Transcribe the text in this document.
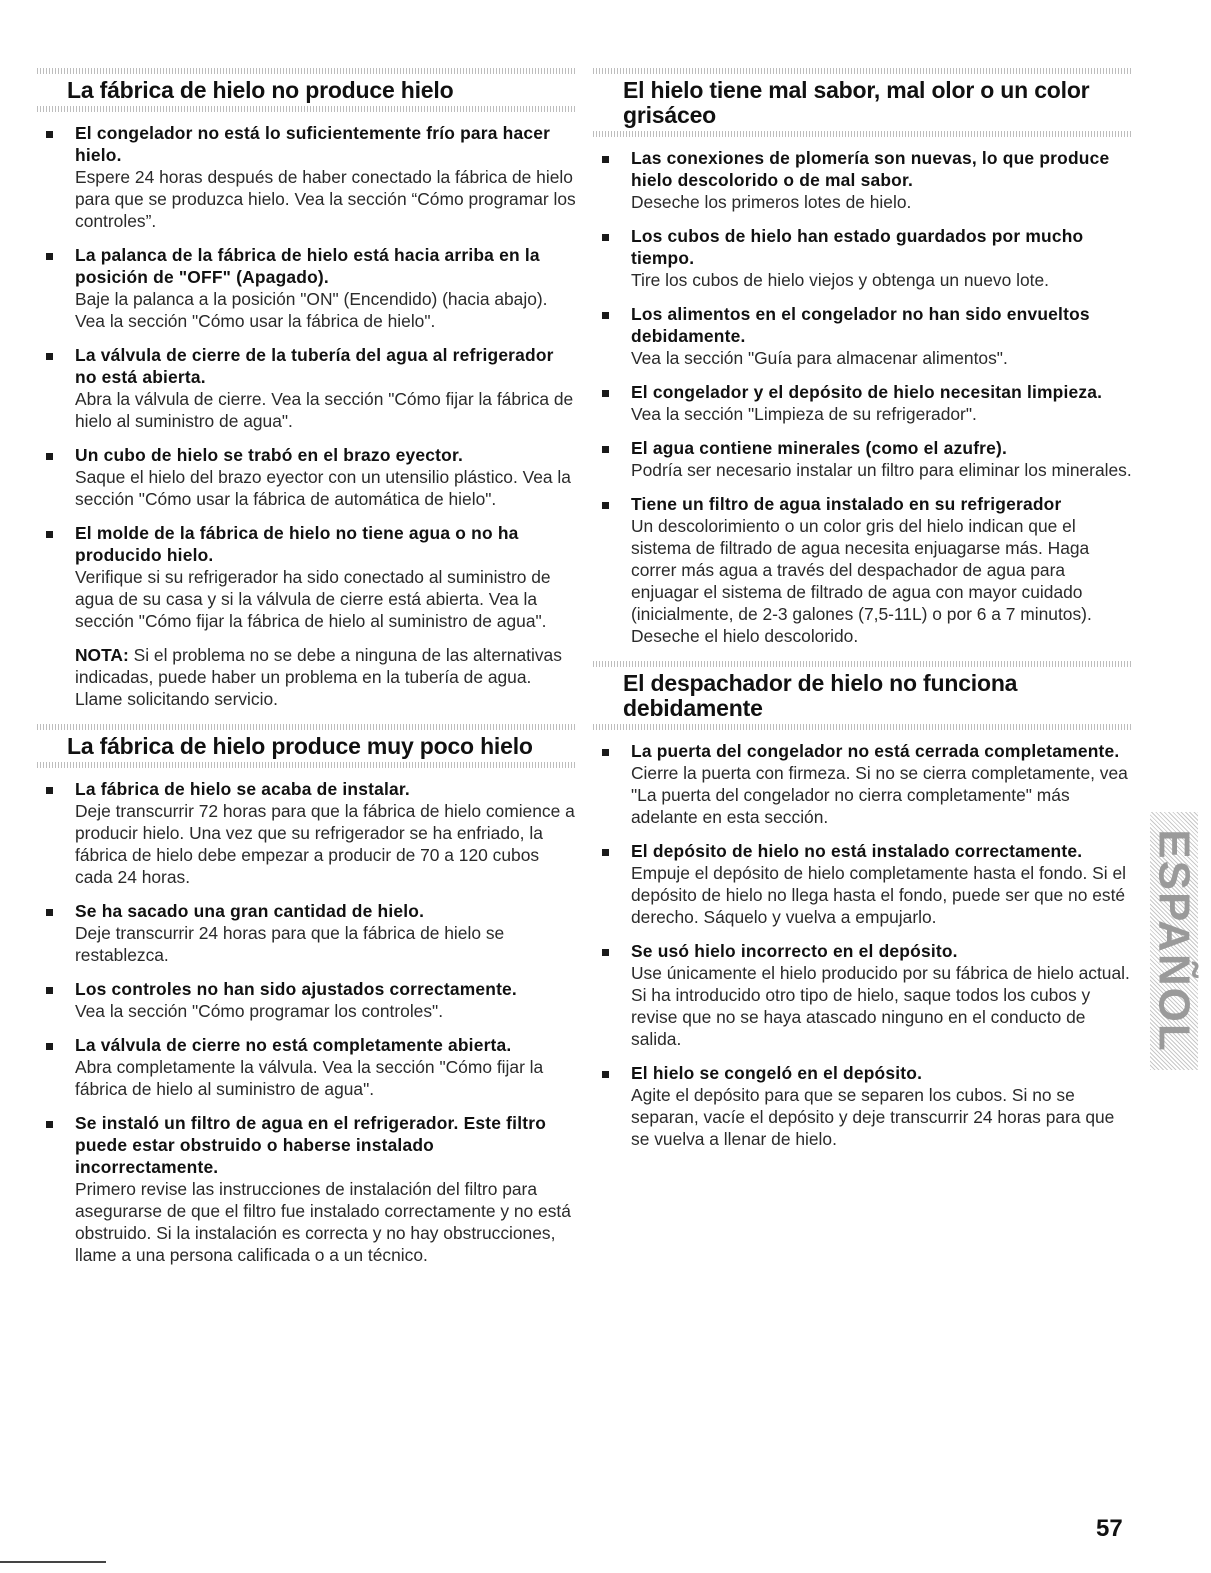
La fábrica de hielo no produce hielo
El congelador no está lo suficientemente frío para hacer hielo.
Espere 24 horas después de haber conectado la fábrica de hielo para que se produzca hielo. Vea la sección “Cómo programar los controles”.
La palanca de la fábrica de hielo está hacia arriba en la posición de "OFF" (Apagado).
Baje la palanca a la posición "ON" (Encendido) (hacia abajo). Vea la sección "Cómo usar la fábrica de hielo".
La válvula de cierre de la tubería del agua al refrigerador no está abierta.
Abra la válvula de cierre. Vea la sección "Cómo fijar la fábrica de hielo al suministro de agua".
Un cubo de hielo se trabó en el brazo eyector.
Saque el hielo del brazo eyector con un utensilio plástico. Vea la sección "Cómo usar la fábrica de automática de hielo".
El molde de la fábrica de hielo no tiene agua o no ha producido hielo.
Verifique si su refrigerador ha sido conectado al suministro de agua de su casa y si la válvula de cierre está abierta. Vea la sección "Cómo fijar la fábrica de hielo al suministro de agua".
NOTA: Si el problema no se debe a ninguna de las alternativas indicadas, puede haber un problema en la tubería de agua. Llame solicitando servicio.
La fábrica de hielo produce muy poco hielo
La fábrica de hielo se acaba de instalar.
Deje transcurrir 72 horas para que la fábrica de hielo comience a producir hielo. Una vez que su refrigerador se ha enfriado, la fábrica de hielo debe empezar a producir de 70 a 120 cubos cada 24 horas.
Se ha sacado una gran cantidad de hielo.
Deje transcurrir 24 horas para que la fábrica de hielo se restablezca.
Los controles no han sido ajustados correctamente.
Vea la sección "Cómo programar los controles".
La válvula de cierre no está completamente abierta.
Abra completamente la válvula. Vea la sección "Cómo fijar la fábrica de hielo al suministro de agua".
Se instaló un filtro de agua en el refrigerador. Este filtro puede estar obstruido o haberse instalado incorrectamente.
Primero revise las instrucciones de instalación del filtro para asegurarse de que el filtro fue instalado correctamente y no está obstruido. Si la instalación es correcta y no hay obstrucciones, llame a una persona calificada o a un técnico.
El hielo tiene mal sabor, mal olor o un color grisáceo
Las conexiones de plomería son nuevas, lo que produce hielo descolorido o de mal sabor.
Deseche los primeros lotes de hielo.
Los cubos de hielo han estado guardados por mucho tiempo.
Tire los cubos de hielo viejos y obtenga un nuevo lote.
Los alimentos en el congelador no han sido envueltos debidamente.
Vea la sección "Guía para almacenar alimentos".
El congelador y el depósito de hielo necesitan limpieza.
Vea la sección "Limpieza de su refrigerador".
El agua contiene minerales (como el azufre).
Podría ser necesario instalar un filtro para eliminar los minerales.
Tiene un filtro de agua instalado en su refrigerador
Un descolorimiento o un color gris del hielo indican que el sistema de filtrado de agua necesita enjuagarse más. Haga correr más agua a través del despachador de agua para enjuagar el sistema de filtrado de agua con mayor cuidado (inicialmente, de 2-3 galones (7,5-11L) o por 6 a 7 minutos). Deseche el hielo descolorido.
El despachador de hielo no funciona debidamente
La puerta del congelador no está cerrada completamente.
Cierre la puerta con firmeza. Si no se cierra completamente, vea "La puerta del congelador no cierra completamente" más adelante en esta sección.
El depósito de hielo no está instalado correctamente.
Empuje el depósito de hielo completamente hasta el fondo. Si el depósito de hielo no llega hasta el fondo, puede ser que no esté derecho. Sáquelo y vuelva a empujarlo.
Se usó hielo incorrecto en el depósito.
Use únicamente el hielo producido por su fábrica de hielo actual. Si ha introducido otro tipo de hielo, saque todos los cubos y revise que no se haya atascado ninguno en el conducto de salida.
El hielo se congeló en el depósito.
Agite el depósito para que se separen los cubos. Si no se separan, vacíe el depósito y deje transcurrir 24 horas para que se vuelva a llenar de hielo.
ESPAÑOL
57
